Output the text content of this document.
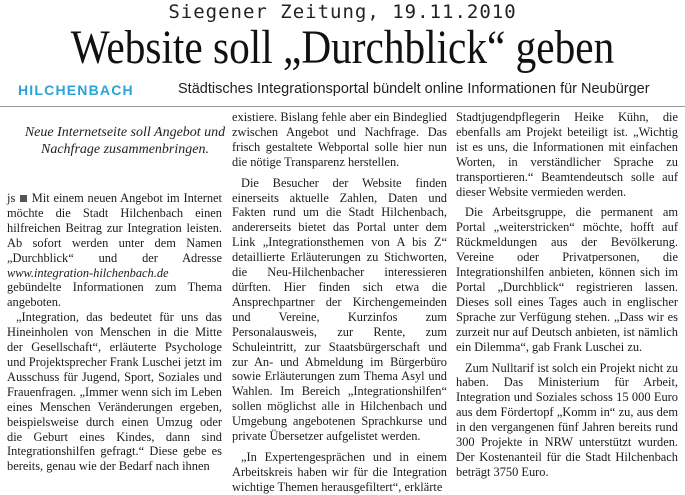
Siegener Zeitung, 19.11.2010
Website soll „Durchblick“ geben
HILCHENBACH	Städtisches Integrationsportal bündelt online Informationen für Neubürger
Neue Internetseite soll Angebot und Nachfrage zusammenbringen.

js Mit einem neuen Angebot im Internet möchte die Stadt Hilchenbach einen hilfreichen Beitrag zur Integration leisten. Ab sofort werden unter dem Namen „Durchblick“ und der Adresse www.integration-hilchenbach.de gebündelte Informationen zum Thema angeboten.

„Integration, das bedeutet für uns das Hineinholen von Menschen in die Mitte der Gesellschaft“, erläuterte Psychologe und Projektsprecher Frank Luschei jetzt im Ausschuss für Jugend, Sport, Soziales und Frauenfragen. „Immer wenn sich im Leben eines Menschen Veränderungen ergeben, beispielsweise durch einen Umzug oder die Geburt eines Kindes, dann sind Integrationshilfen gefragt.“ Diese gebe es bereits, genau wie der Bedarf nach ihnen

existiere. Bislang fehle aber ein Bindeglied zwischen Angebot und Nachfrage. Das frisch gestaltete Webportal solle hier nun die nötige Transparenz herstellen.

Die Besucher der Website finden einerseits aktuelle Zahlen, Daten und Fakten rund um die Stadt Hilchenbach, andererseits bietet das Portal unter dem Link „Integrationsthemen von A bis Z“ detaillierte Erläuterungen zu Stichworten, die Neu-Hilchenbacher interessieren dürften. Hier finden sich etwa die Ansprechpartner der Kirchengemeinden und Vereine, Kurzinfos zum Personalausweis, zur Rente, zum Schuleintritt, zur Staatsbürgerschaft und zur An- und Abmeldung im Bürgerbüro sowie Erläuterungen zum Thema Asyl und Wahlen. Im Bereich „Integrationshilfen“ sollen möglichst alle in Hilchenbach und Umgebung angebotenen Sprachkurse und private Übersetzer aufgelistet werden.

„In Expertengesprächen und in einem Arbeitskreis haben wir für die Integration wichtige Themen herausgefiltert“, erklärte

Stadtjugendpflegerin Heike Kühn, die ebenfalls am Projekt beteiligt ist. „Wichtig ist es uns, die Informationen mit einfachen Worten, in verständlicher Sprache zu transportieren.“ Beamtendeutsch solle auf dieser Website vermieden werden.

Die Arbeitsgruppe, die permanent am Portal „weiterstricken“ möchte, hofft auf Rückmeldungen aus der Bevölkerung. Vereine oder Privatpersonen, die Integrationshilfen anbieten, können sich im Portal „Durchblick“ registrieren lassen. Dieses soll eines Tages auch in englischer Sprache zur Verfügung stehen. „Dass wir es zurzeit nur auf Deutsch anbieten, ist nämlich ein Dilemma“, gab Frank Luschei zu.

Zum Nulltarif ist solch ein Projekt nicht zu haben. Das Ministerium für Arbeit, Integration und Soziales schoss 15 000 Euro aus dem Fördertopf „Komm in“ zu, aus dem in den vergangenen fünf Jahren bereits rund 300 Projekte in NRW unterstützt wurden. Der Kostenanteil für die Stadt Hilchenbach beträgt 3750 Euro.
